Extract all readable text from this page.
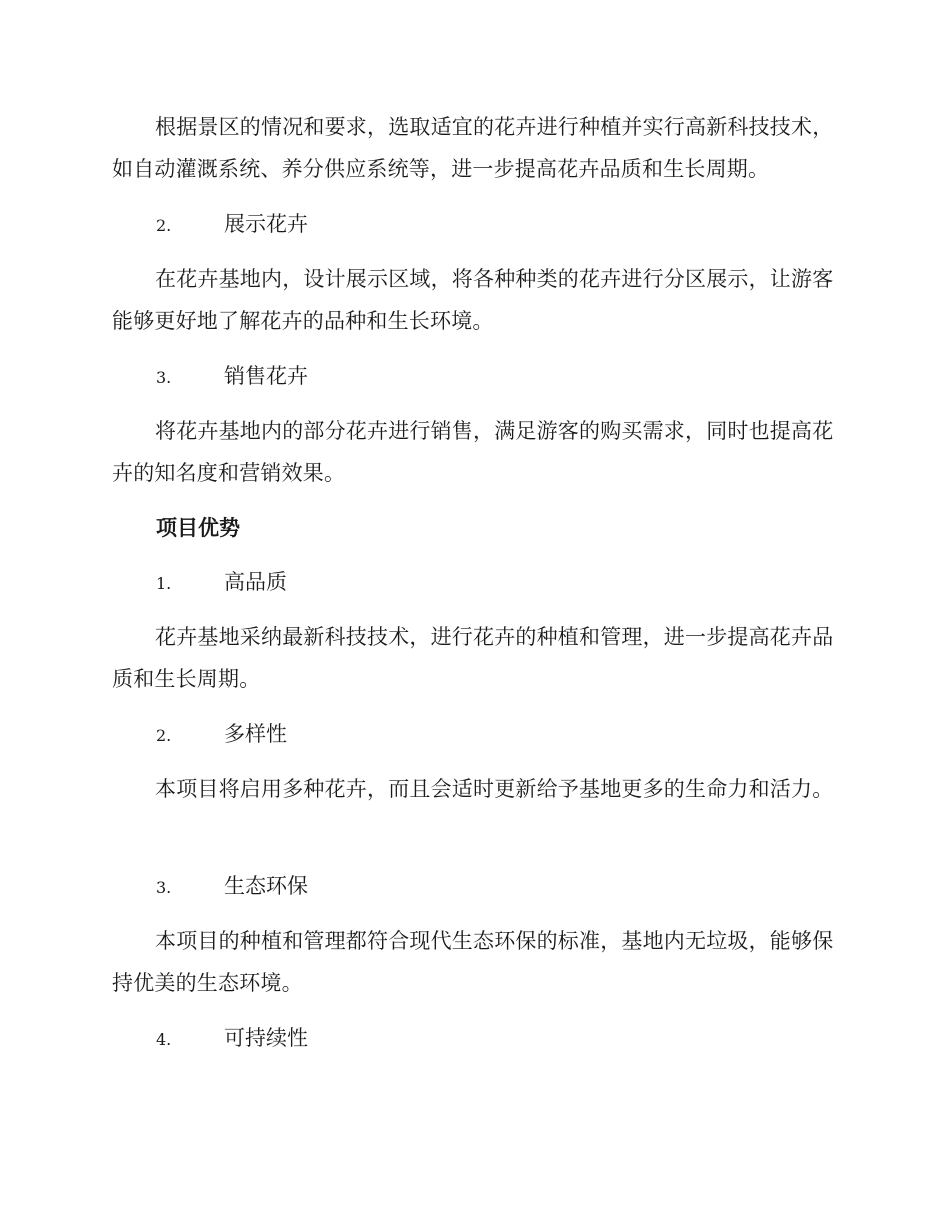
根据景区的情况和要求，选取适宜的花卉进行种植并实行高新科技技术，如自动灌溉系统、养分供应系统等，进一步提高花卉品质和生长周期。

2.	展示花卉

在花卉基地内，设计展示区域，将各种种类的花卉进行分区展示，让游客能够更好地了解花卉的品种和生长环境。

3.	销售花卉

将花卉基地内的部分花卉进行销售，满足游客的购买需求，同时也提高花卉的知名度和营销效果。

项目优势
1.	高品质

花卉基地采纳最新科技技术，进行花卉的种植和管理，进一步提高花卉品质和生长周期。

2.	多样性

本项目将启用多种花卉，而且会适时更新给予基地更多的生命力和活力。

3.	生态环保

本项目的种植和管理都符合现代生态环保的标准，基地内无垃圾，能够保持优美的生态环境。

4.	可持续性
